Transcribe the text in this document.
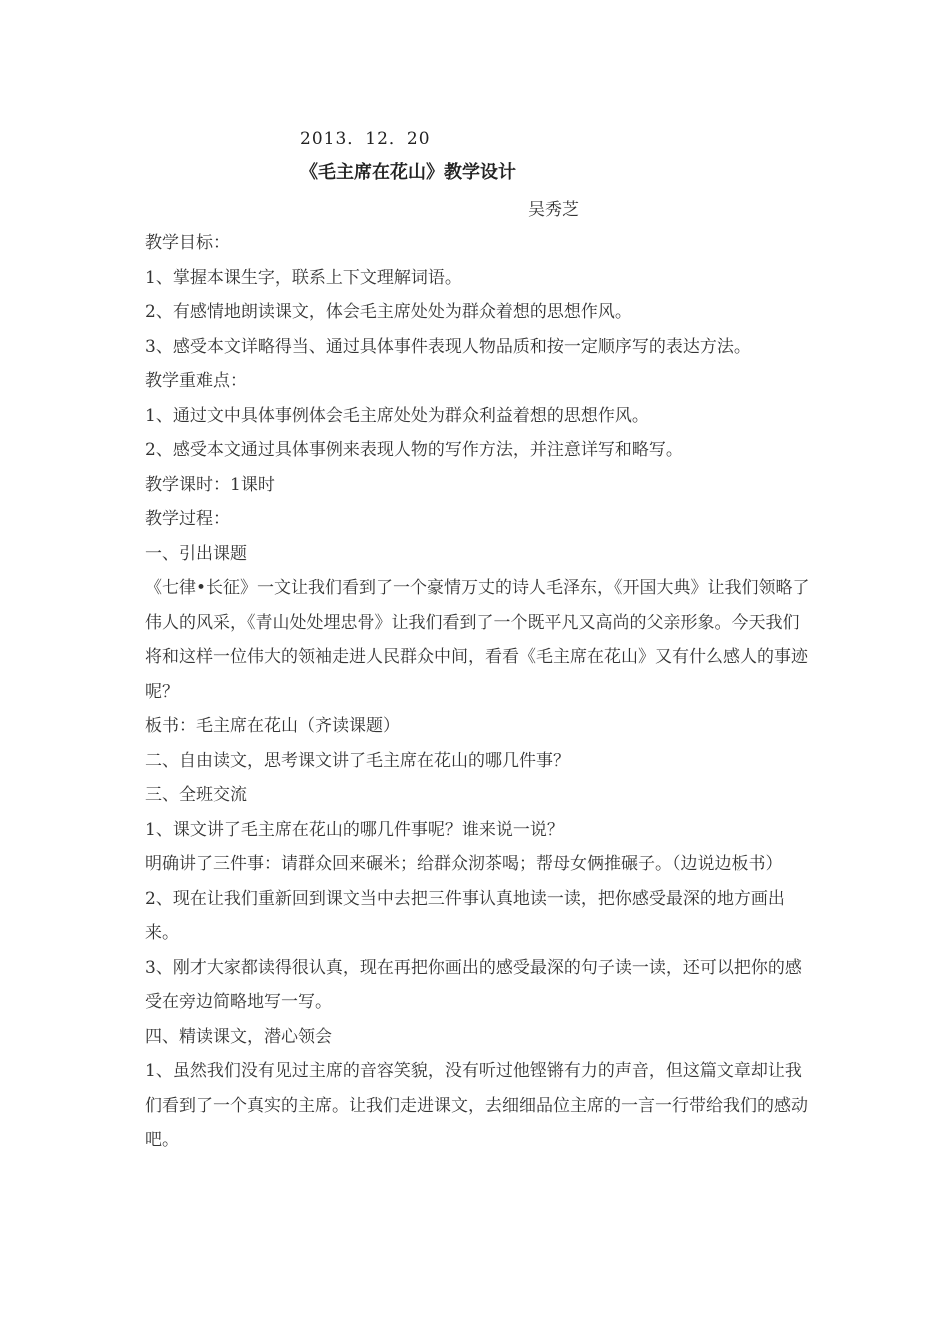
2013．12．20
《毛主席在花山》教学设计
吴秀芝

教学目标：

1、掌握本课生字，联系上下文理解词语。

2、有感情地朗读课文，体会毛主席处处为群众着想的思想作风。

3、感受本文详略得当、通过具体事件表现人物品质和按一定顺序写的表达方法。

教学重难点：

1、通过文中具体事例体会毛主席处处为群众利益着想的思想作风。

2、感受本文通过具体事例来表现人物的写作方法，并注意详写和略写。

教学课时：1课时

教学过程：

一、引出课题

《七律•长征》一文让我们看到了一个豪情万丈的诗人毛泽东，《开国大典》让我们领略了伟人的风采，《青山处处埋忠骨》让我们看到了一个既平凡又高尚的父亲形象。今天我们将和这样一位伟大的领袖走进人民群众中间，看看《毛主席在花山》又有什么感人的事迹呢？

板书：毛主席在花山（齐读课题）

二、自由读文，思考课文讲了毛主席在花山的哪几件事？

三、全班交流

1、课文讲了毛主席在花山的哪几件事呢？谁来说一说？

明确讲了三件事：请群众回来碾米；给群众沏茶喝；帮母女俩推碾子。（边说边板书）

2、现在让我们重新回到课文当中去把三件事认真地读一读，把你感受最深的地方画出来。

3、刚才大家都读得很认真，现在再把你画出的感受最深的句子读一读，还可以把你的感受在旁边简略地写一写。

四、精读课文，潜心领会

1、虽然我们没有见过主席的音容笑貌，没有听过他铿锵有力的声音，但这篇文章却让我们看到了一个真实的主席。让我们走进课文，去细细品位主席的一言一行带给我们的感动吧。
